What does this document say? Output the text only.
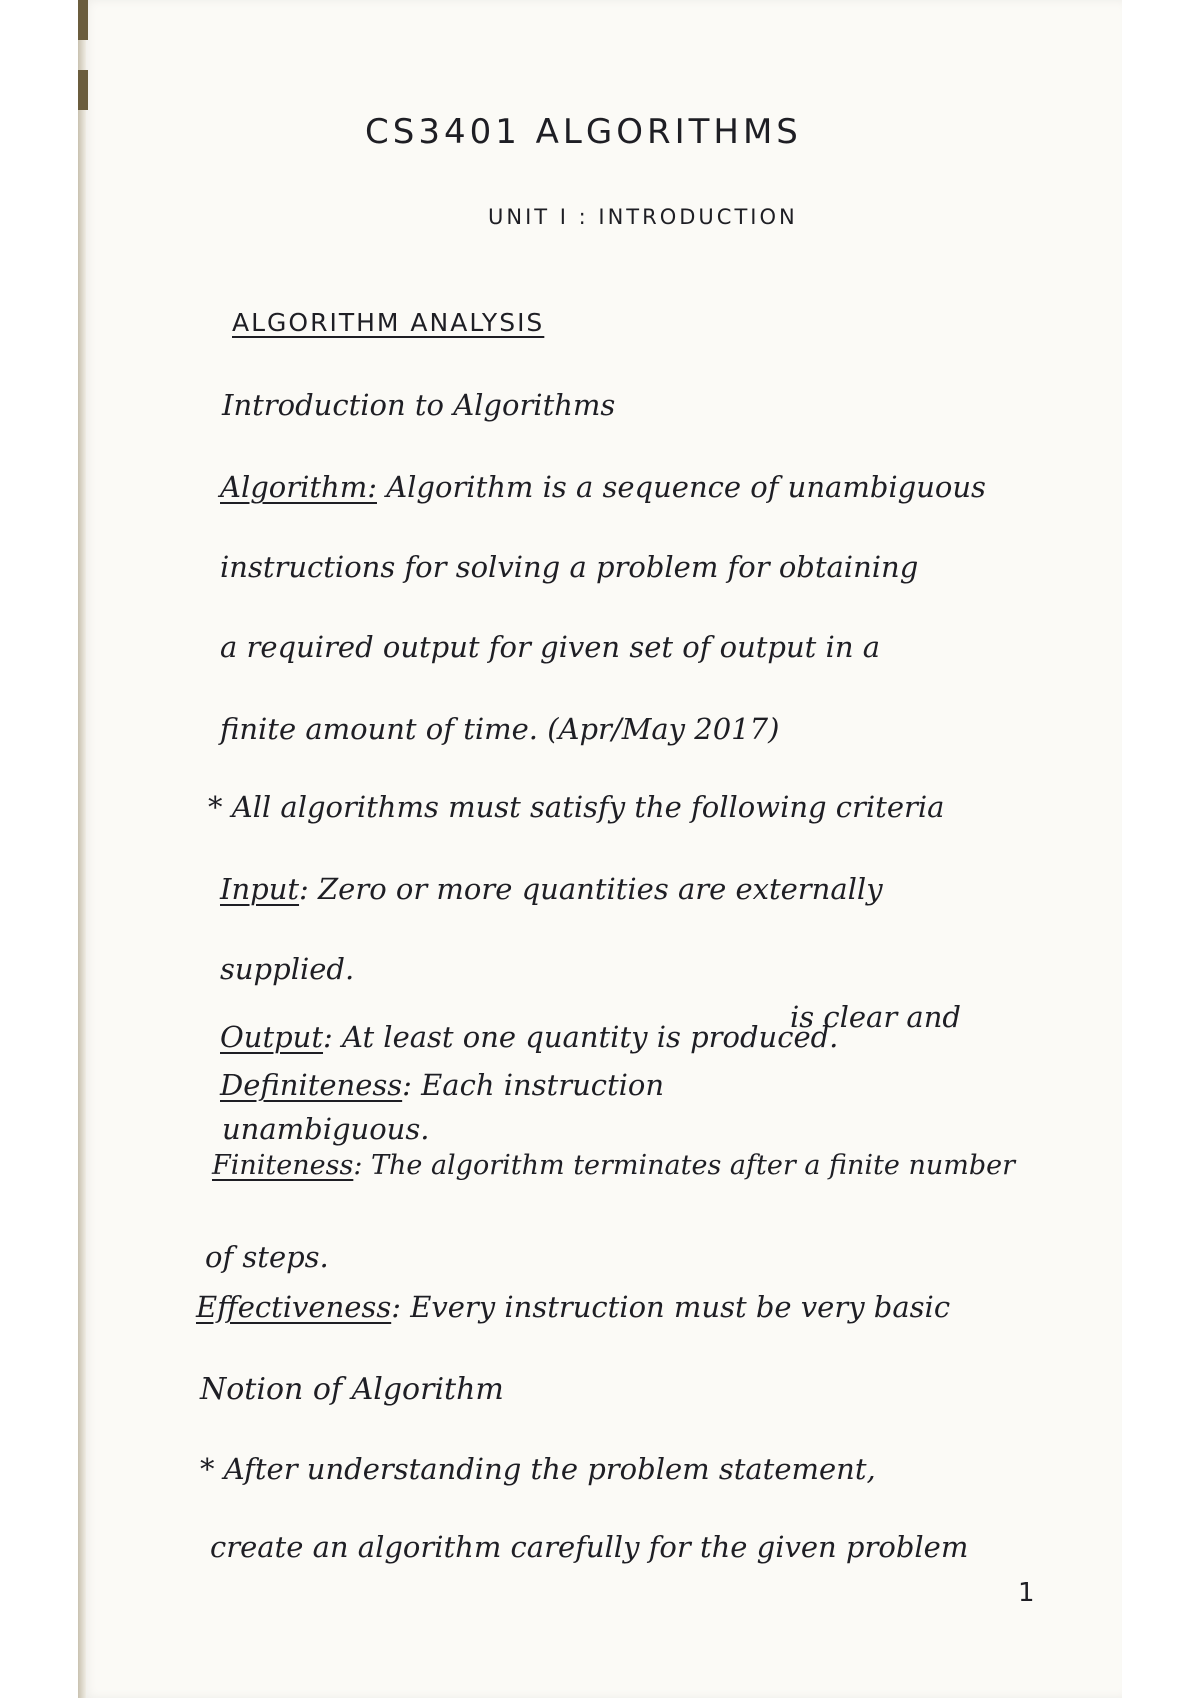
CS3401 ALGORITHMS

UNIT I : INTRODUCTION

ALGORITHM ANALYSIS

Introduction to Algorithms

Algorithm: Algorithm is a sequence of unambiguous

instructions for solving a problem for obtaining

a required output for given set of output in a

finite amount of time. (Apr/May 2017)

* All algorithms must satisfy the following criteria

Input: Zero or more quantities are externally

supplied.

Output: At least one quantity is produced.

is clear and

Definiteness: Each instruction

unambiguous.

Finiteness: The algorithm terminates after a finite number

of steps.

Effectiveness: Every instruction must be very basic

Notion of Algorithm

* After understanding the problem statement,

create an algorithm carefully for the given problem

1
